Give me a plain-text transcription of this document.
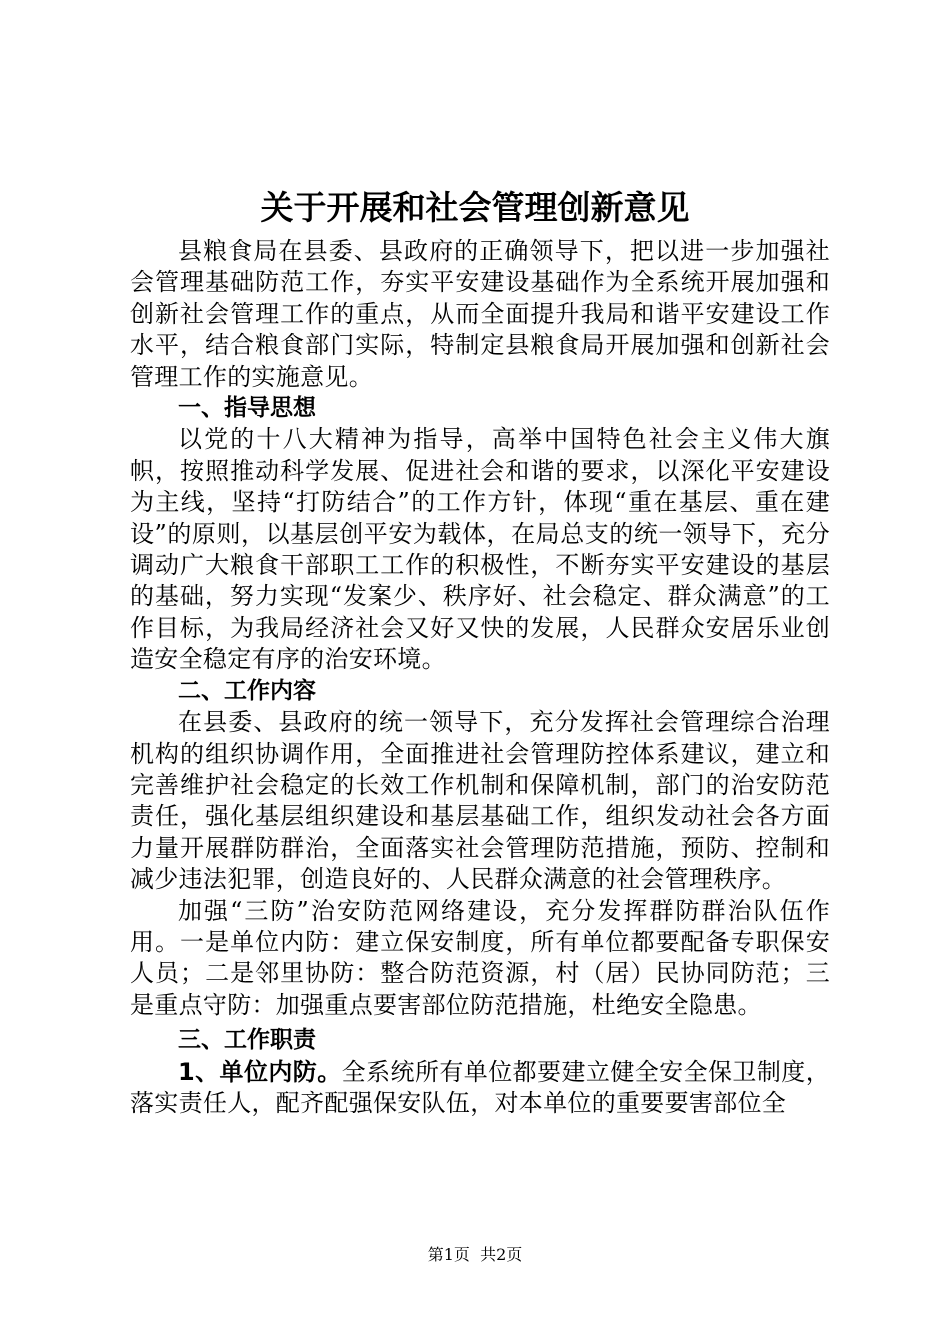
关于开展和社会管理创新意见

县粮食局在县委、县政府的正确领导下，把以进一步加强社会管理基础防范工作，夯实平安建设基础作为全系统开展加强和创新社会管理工作的重点，从而全面提升我局和谐平安建设工作水平，结合粮食部门实际，特制定县粮食局开展加强和创新社会管理工作的实施意见。

一、指导思想

以党的十八大精神为指导，高举中国特色社会主义伟大旗帜，按照推动科学发展、促进社会和谐的要求，以深化平安建设为主线，坚持“打防结合”的工作方针，体现“重在基层、重在建设”的原则，以基层创平安为载体，在局总支的统一领导下，充分调动广大粮食干部职工工作的积极性，不断夯实平安建设的基层的基础，努力实现“发案少、秩序好、社会稳定、群众满意”的工作目标，为我局经济社会又好又快的发展，人民群众安居乐业创造安全稳定有序的治安环境。

二、工作内容

在县委、县政府的统一领导下，充分发挥社会管理综合治理机构的组织协调作用，全面推进社会管理防控体系建议，建立和完善维护社会稳定的长效工作机制和保障机制，部门的治安防范责任，强化基层组织建设和基层基础工作，组织发动社会各方面力量开展群防群治，全面落实社会管理防范措施，预防、控制和减少违法犯罪，创造良好的、人民群众满意的社会管理秩序。

加强“三防”治安防范网络建设，充分发挥群防群治队伍作用。一是单位内防：建立保安制度，所有单位都要配备专职保安人员；二是邻里协防：整合防范资源，村（居）民协同防范；三是重点守防：加强重点要害部位防范措施，杜绝安全隐患。

三、工作职责

1、单位内防。全系统所有单位都要建立健全安全保卫制度，落实责任人，配齐配强保安队伍，对本单位的重要要害部位全

第1页 共2页
